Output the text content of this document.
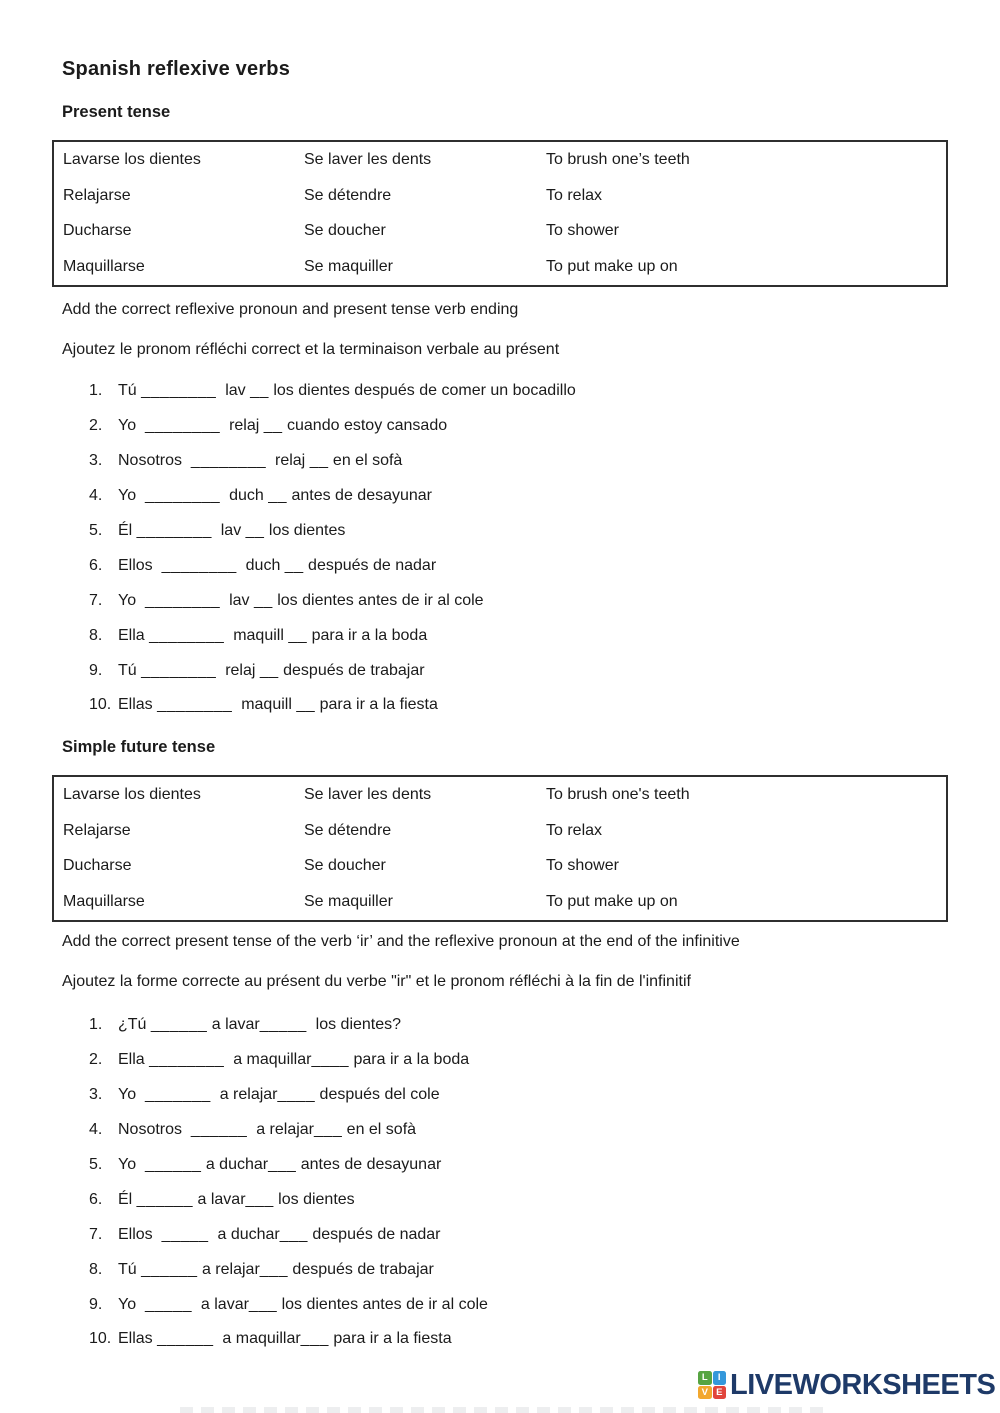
Spanish reflexive verbs
Present tense
Lavarse los dientes	Se laver les dents	To brush one’s teeth
Relajarse	Se détendre	To relax
Ducharse	Se doucher	To shower
Maquillarse	Se maquiller	To put make up on

Add the correct reflexive pronoun and present tense verb ending

Ajoutez le pronom réfléchi correct et la terminaison verbale au présent

1. Tú ________  lav __ los dientes después de comer un bocadillo
2. Yo  ________  relaj __ cuando estoy cansado
3. Nosotros  ________  relaj __ en el sofà
4. Yo  ________  duch __ antes de desayunar
5. Él ________  lav __ los dientes
6. Ellos  ________  duch __ después de nadar
7. Yo  ________  lav __ los dientes antes de ir al cole
8. Ella ________  maquill __ para ir a la boda
9. Tú ________  relaj __ después de trabajar
10. Ellas ________  maquill __ para ir a la fiesta
Simple future tense
Lavarse los dientes	Se laver les dents	To brush one's teeth
Relajarse	Se détendre	To relax
Ducharse	Se doucher	To shower
Maquillarse	Se maquiller	To put make up on

Add the correct present tense of the verb ‘ir’ and the reflexive pronoun at the end of the infinitive

Ajoutez la forme correcte au présent du verbe "ir" et le pronom réfléchi à la fin de l'infinitif

1. ¿Tú ______ a lavar_____  los dientes?
2. Ella ________  a maquillar____ para ir a la boda
3. Yo  _______  a relajar____ después del cole
4. Nosotros  ______  a relajar___ en el sofà
5. Yo  ______ a duchar___ antes de desayunar
6. Él ______ a lavar___ los dientes
7. Ellos  _____  a duchar___ después de nadar
8. Tú ______ a relajar___ después de trabajar
9. Yo  _____  a lavar___ los dientes antes de ir al cole
10. Ellas ______  a maquillar___ para ir a la fiesta
L	I
V E LIVEWORKSHEETS
